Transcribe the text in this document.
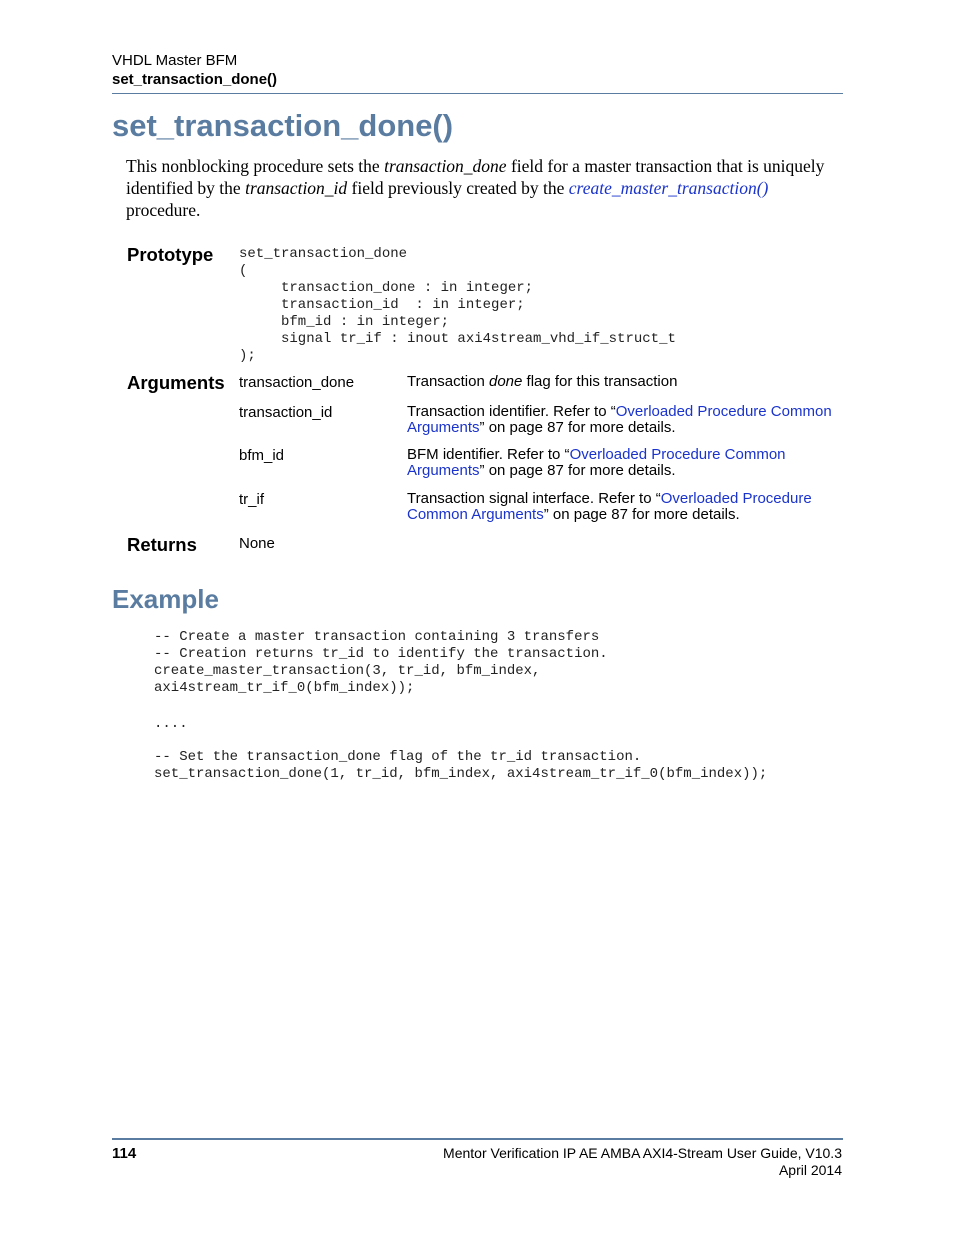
VHDL Master BFM
set_transaction_done()
set_transaction_done()
This nonblocking procedure sets the transaction_done field for a master transaction that is uniquely identified by the transaction_id field previously created by the create_master_transaction() procedure.
Prototype set_transaction_done
(
transaction_done : in integer;
transaction_id  : in integer;
bfm_id : in integer;
signal tr_if : inout axi4stream_vhd_if_struct_t
);
Arguments transaction_done	Transaction done flag for this transaction
transaction_id	Transaction identifier. Refer to “Overloaded Procedure Common Arguments” on page 87 for more details.
bfm_id	BFM identifier. Refer to “Overloaded Procedure Common Arguments” on page 87 for more details.
tr_if	Transaction signal interface. Refer to “Overloaded Procedure Common Arguments” on page 87 for more details.
Returns	None
Example
-- Create a master transaction containing 3 transfers
-- Creation returns tr_id to identify the transaction.
create_master_transaction(3, tr_id, bfm_index,
axi4stream_tr_if_0(bfm_index));
....
-- Set the transaction_done flag of the tr_id transaction.
set_transaction_done(1, tr_id, bfm_index, axi4stream_tr_if_0(bfm_index));
114	Mentor Verification IP AE AMBA AXI4-Stream User Guide, V10.3
April 2014
